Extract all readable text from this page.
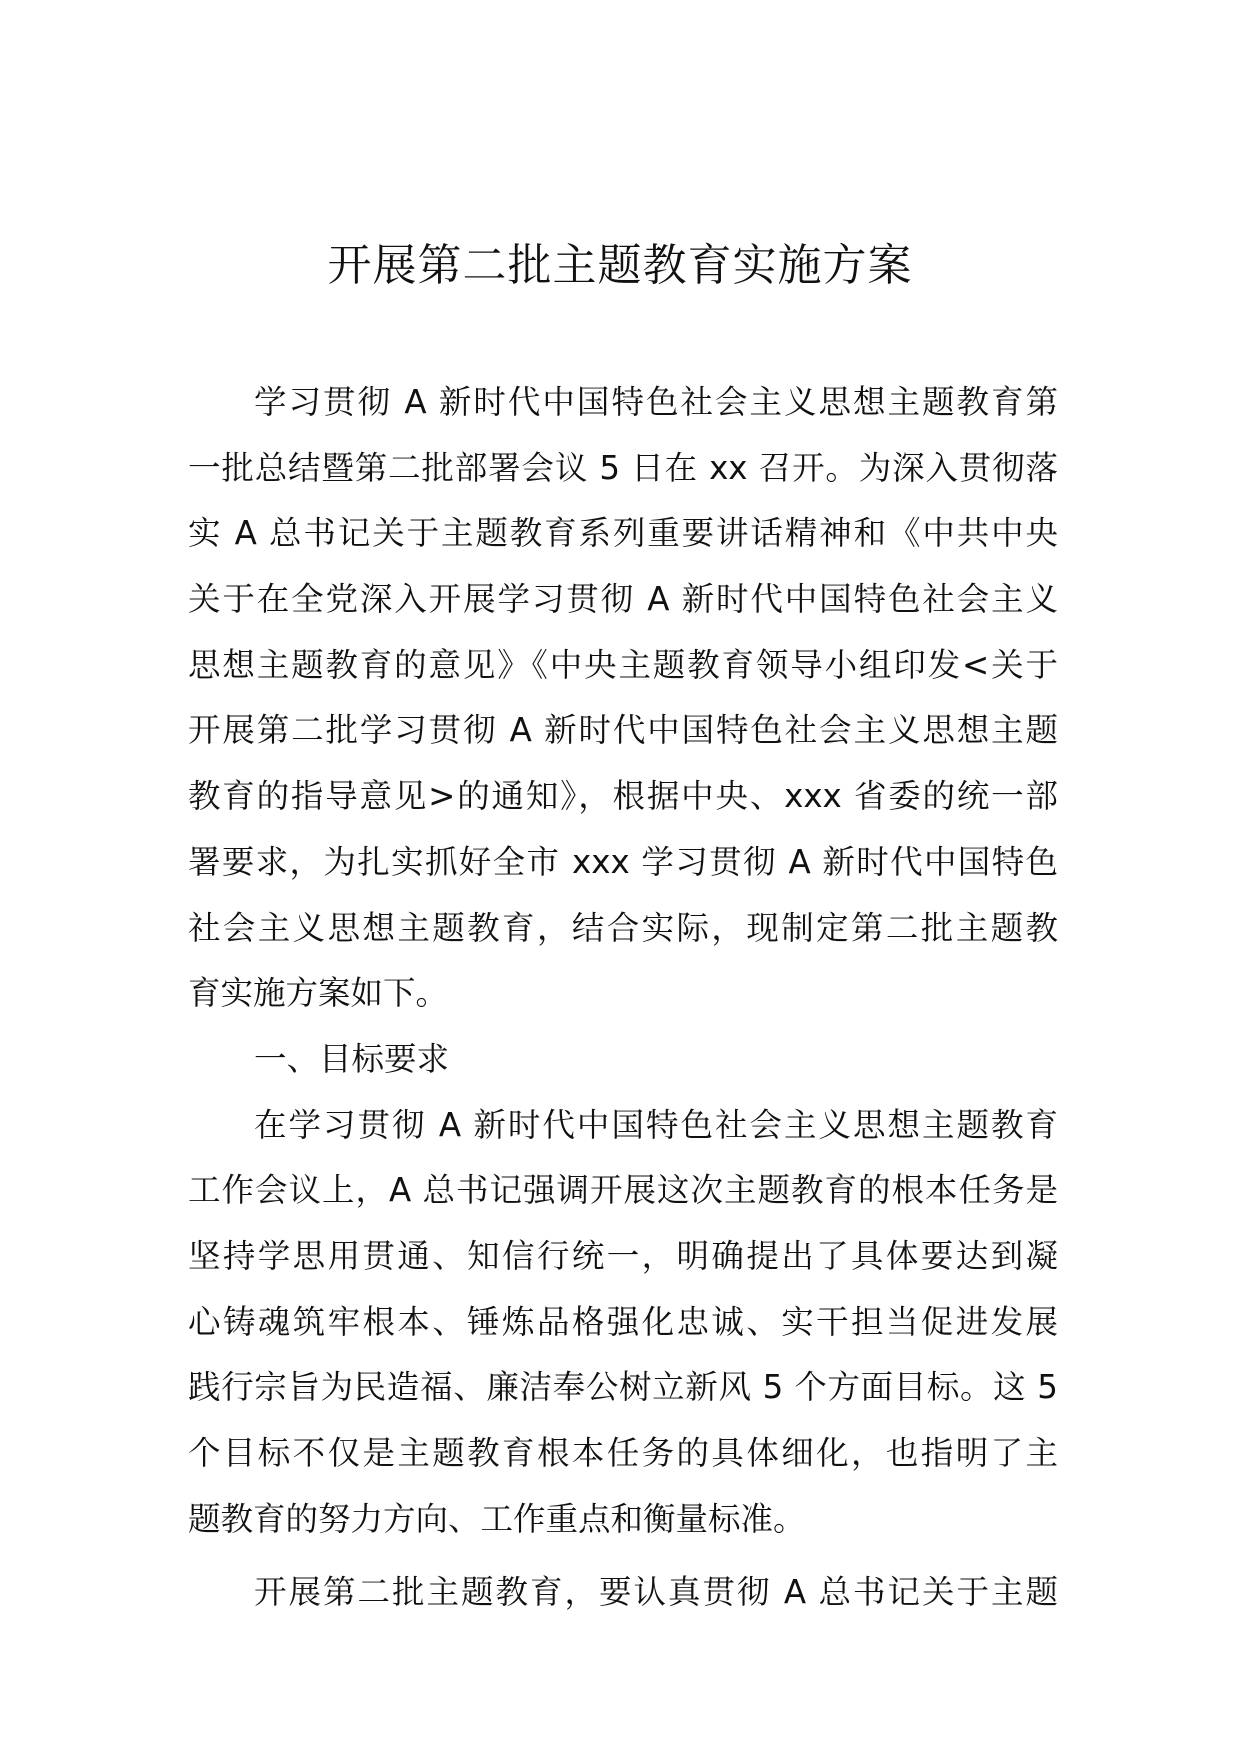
开展第二批主题教育实施方案
学习贯彻 A 新时代中国特色社会主义思想主题教育第
一批总结暨第二批部署会议 5 日在 xx 召开。为深入贯彻落
实 A 总书记关于主题教育系列重要讲话精神和《中共中央
关于在全党深入开展学习贯彻 A 新时代中国特色社会主义
思想主题教育的意见》《中央主题教育领导小组印发<关于
开展第二批学习贯彻 A 新时代中国特色社会主义思想主题
教育的指导意见>的通知》，根据中央、xxx 省委的统一部
署要求，为扎实抓好全市 xxx 学习贯彻 A 新时代中国特色
社会主义思想主题教育，结合实际，现制定第二批主题教
育实施方案如下。
一、目标要求
在学习贯彻 A 新时代中国特色社会主义思想主题教育
工作会议上，A 总书记强调开展这次主题教育的根本任务是
坚持学思用贯通、知信行统一，明确提出了具体要达到凝
心铸魂筑牢根本、锤炼品格强化忠诚、实干担当促进发展
践行宗旨为民造福、廉洁奉公树立新风 5 个方面目标。这 5
个目标不仅是主题教育根本任务的具体细化，也指明了主
题教育的努力方向、工作重点和衡量标准。
开展第二批主题教育，要认真贯彻 A 总书记关于主题
